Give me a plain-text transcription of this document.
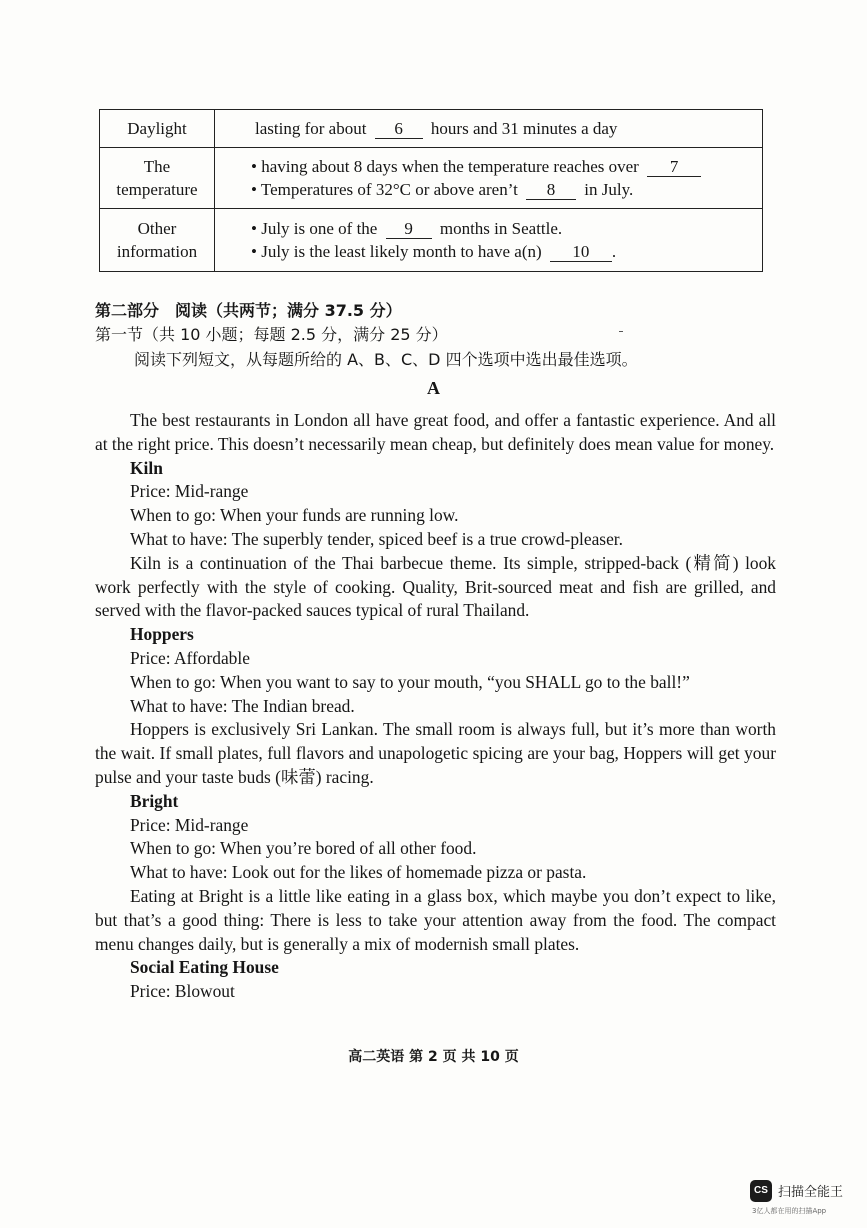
Daylight	lasting for about 6 hours and 31 minutes a day
The temperature	• having about 8 days when the temperature reaches over 7
• Temperatures of 32°C or above aren’t 8 in July.

Other information	• July is one of the 9 months in Seattle.
• July is the least likely month to have a(n) 10 .
第二部分　阅读（共两节；满分 37.5 分）
第一节（共 10 小题；每题 2.5 分，满分 25 分）
阅读下列短文，从每题所给的 A、B、C、D 四个选项中选出最佳选项。
A

The best restaurants in London all have great food, and offer a fantastic experience. And all at the right price. This doesn’t necessarily mean cheap, but definitely does mean value for money.

Kiln

Price: Mid-range

When to go: When your funds are running low.

What to have: The superbly tender, spiced beef is a true crowd-pleaser.

Kiln is a continuation of the Thai barbecue theme. Its simple, stripped-back (精简) look work perfectly with the style of cooking. Quality, Brit-sourced meat and fish are grilled, and served with the flavor-packed sauces typical of rural Thailand.

Hoppers

Price: Affordable

When to go: When you want to say to your mouth, “you SHALL go to the ball!”

What to have: The Indian bread.

Hoppers is exclusively Sri Lankan. The small room is always full, but it’s more than worth the wait. If small plates, full flavors and unapologetic spicing are your bag, Hoppers will get your pulse and your taste buds (味蕾) racing.

Bright

Price: Mid-range

When to go: When you’re bored of all other food.

What to have: Look out for the likes of homemade pizza or pasta.

Eating at Bright is a little like eating in a glass box, which maybe you don’t expect to like, but that’s a good thing: There is less to take your attention away from the food. The compact menu changes daily, but is generally a mix of modernish small plates.

Social Eating House

Price: Blowout

高二英语 第 2 页 共 10 页
CS 扫描全能王
3亿人都在用的扫描App
